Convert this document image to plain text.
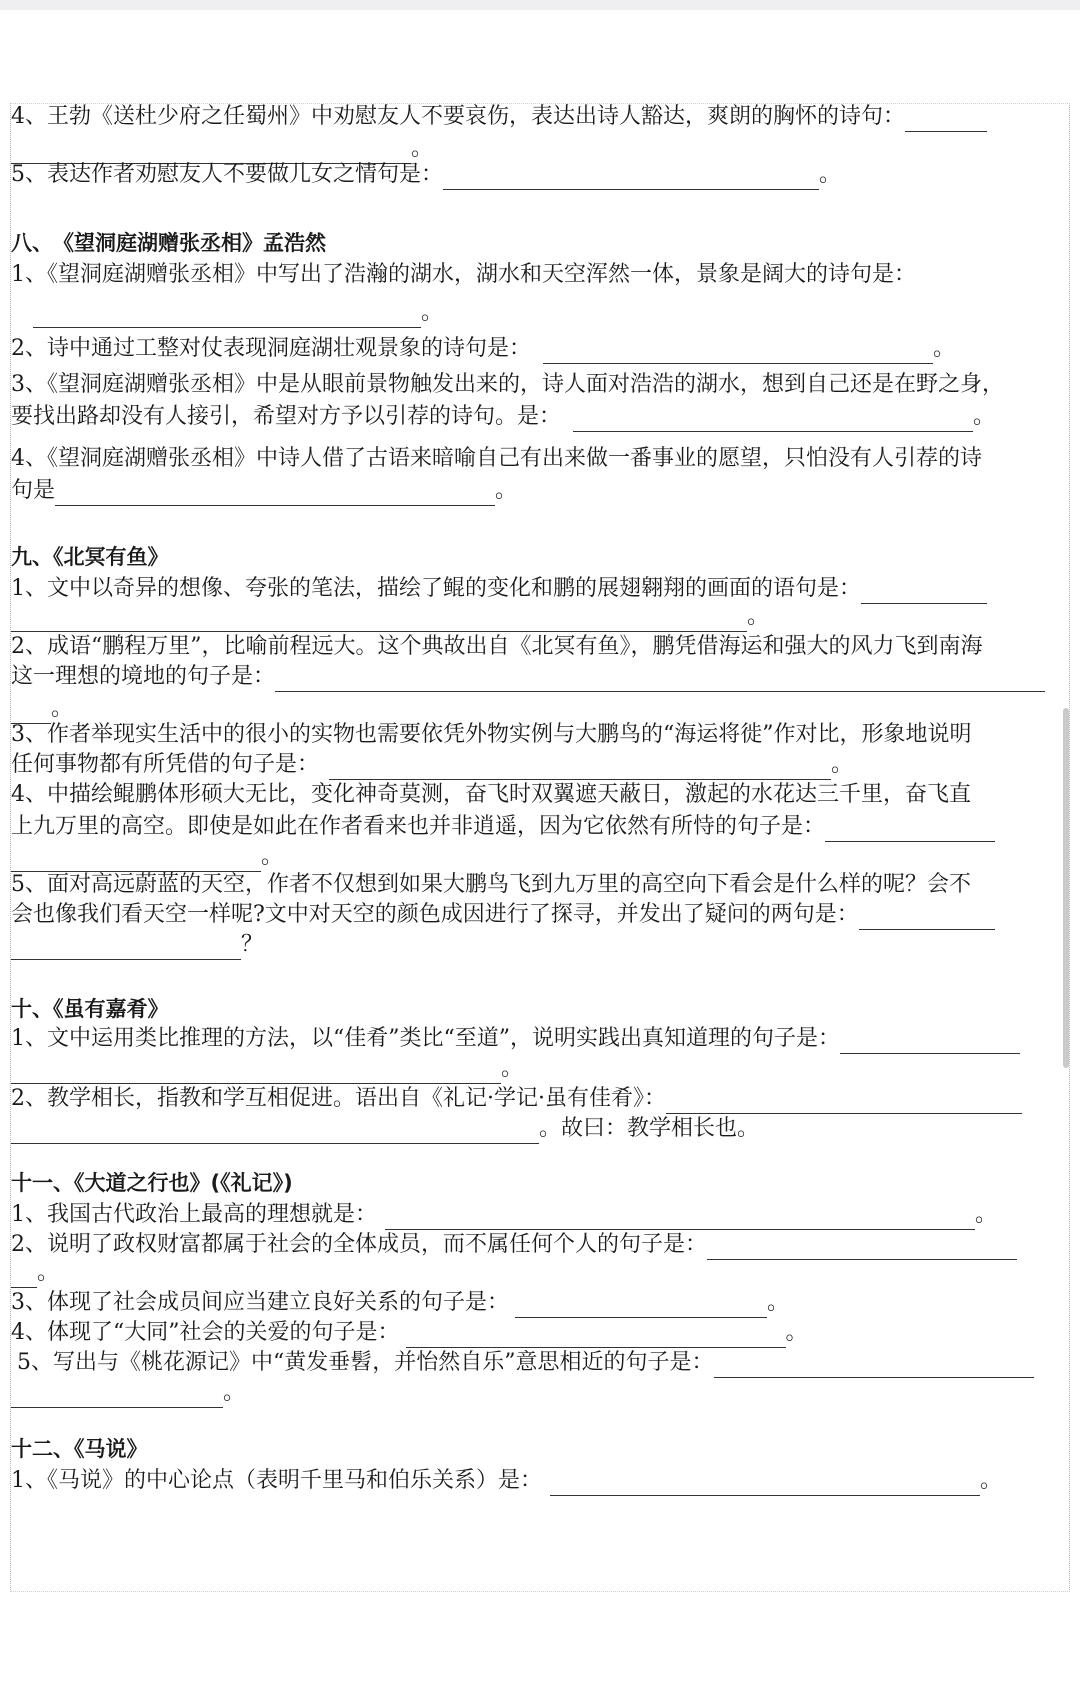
4、王勃《送杜少府之任蜀州》中劝慰友人不要哀伤，表达出诗人豁达，爽朗的胸怀的诗句：
。
5、表达作者劝慰友人不要做儿女之情句是：	。
八、　《望洞庭湖赠张丞相》孟浩然
1、《望洞庭湖赠张丞相》中写出了浩瀚的湖水，湖水和天空浑然一体，景象是阔大的诗句是：
。
2、诗中通过工整对仗表现洞庭湖壮观景象的诗句是：	。
3、《望洞庭湖赠张丞相》中是从眼前景物触发出来的，诗人面对浩浩的湖水，想到自己还是在野之身，
要找出路却没有人接引，希望对方予以引荐的诗句。是：	。
4、《望洞庭湖赠张丞相》中诗人借了古语来暗喻自己有出来做一番事业的愿望，只怕没有人引荐的诗
句是	。
九、《北冥有鱼》
1、文中以奇异的想像、夸张的笔法，描绘了鲲的变化和鹏的展翅翱翔的画面的语句是：
。
2、成语“鹏程万里”，比喻前程远大。这个典故出自《北冥有鱼》，鹏凭借海运和强大的风力飞到南海
这一理想的境地的句子是：
。
3、作者举现实生活中的很小的实物也需要依凭外物实例与大鹏鸟的“海运将徙”作对比，形象地说明
任何事物都有所凭借的句子是：	。
4、中描绘鲲鹏体形硕大无比，变化神奇莫测，奋飞时双翼遮天蔽日，激起的水花达三千里，奋飞直
上九万里的高空。即使是如此在作者看来也并非逍遥，因为它依然有所恃的句子是：
。
5、面对高远蔚蓝的天空，作者不仅想到如果大鹏鸟飞到九万里的高空向下看会是什么样的呢？会不
会也像我们看天空一样呢?文中对天空的颜色成因进行了探寻，并发出了疑问的两句是：
？
十、《虽有嘉肴》
1、文中运用类比推理的方法，以“佳肴”类比“至道”，说明实践出真知道理的句子是：
。
2、教学相长，指教和学互相促进。语出自《礼记·学记·虽有佳肴》：
。故曰：教学相长也。
十一、《大道之行也》(《礼记》)
1、我国古代政治上最高的理想就是：	。
2、说明了政权财富都属于社会的全体成员，而不属任何个人的句子是：
。
3、体现了社会成员间应当建立良好关系的句子是：	。
4、体现了“大同”社会的关爱的句子是：	。
5、写出与《桃花源记》中“黄发垂髫，并怡然自乐”意思相近的句子是：
。
十二、《马说》
1、《马说》的中心论点（表明千里马和伯乐关系）是：	。
